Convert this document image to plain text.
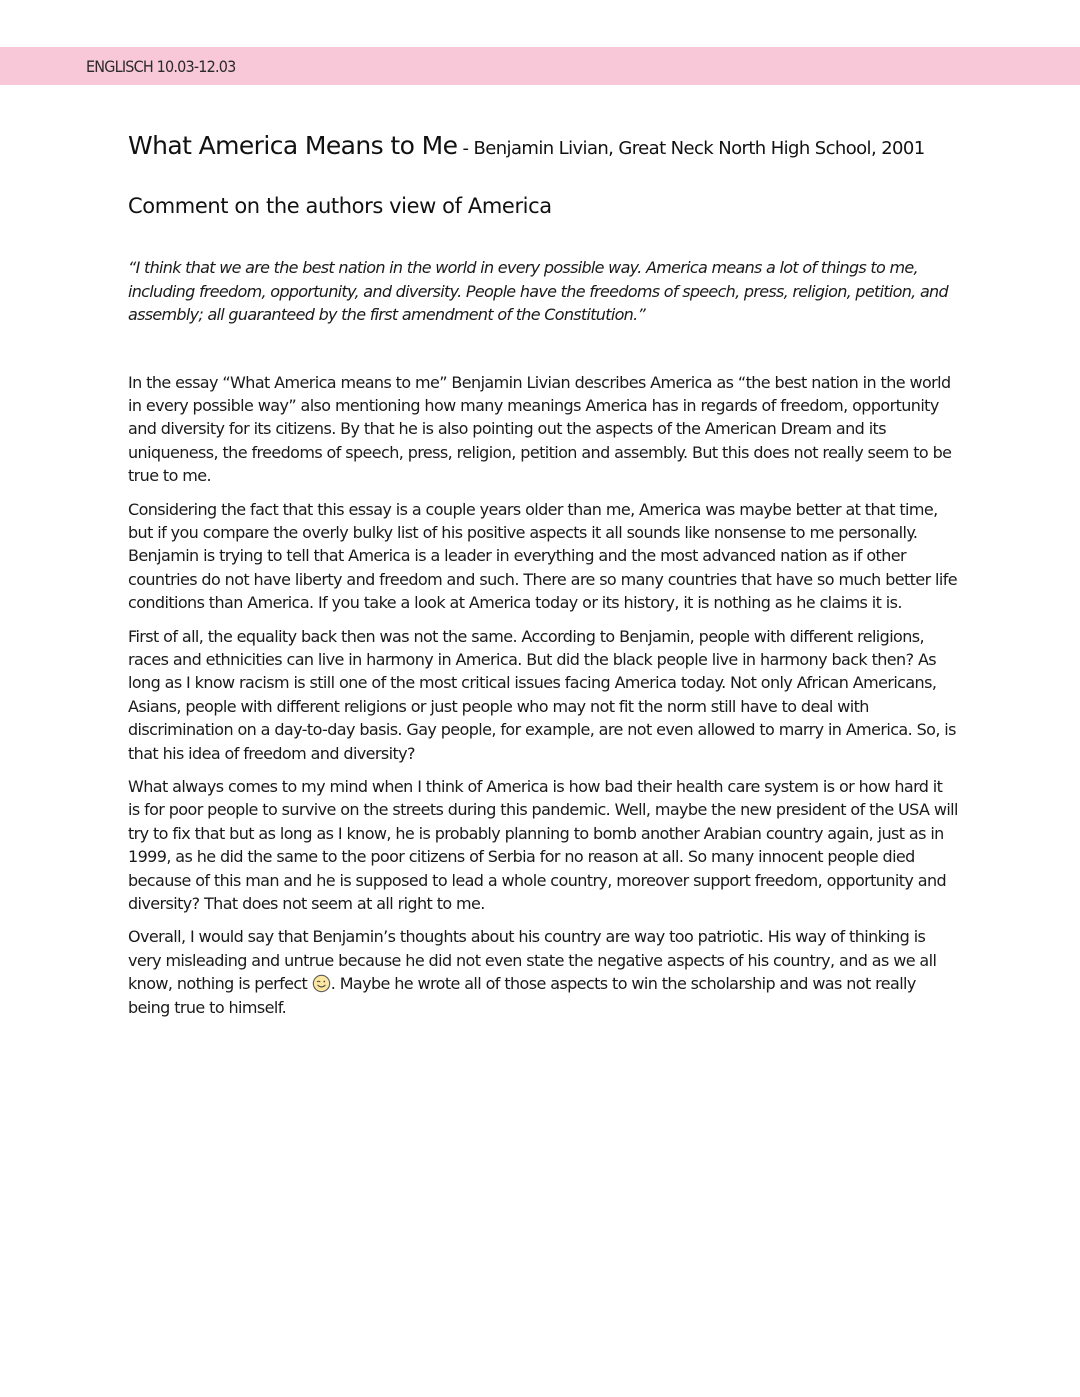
ENGLISCH 10.03-12.03
What America Means to Me - Benjamin Livian, Great Neck North High School, 2001
Comment on the authors view of America
“I think that we are the best nation in the world in every possible way. America means a lot of things to me, including freedom, opportunity, and diversity. People have the freedoms of speech, press, religion, petition, and assembly; all guaranteed by the first amendment of the Constitution.”

In the essay “What America means to me” Benjamin Livian describes America as “the best nation in the world in every possible way” also mentioning how many meanings America has in regards of freedom, opportunity and diversity for its citizens. By that he is also pointing out the aspects of the American Dream and its uniqueness, the freedoms of speech, press, religion, petition and assembly. But this does not really seem to be true to me.

Considering the fact that this essay is a couple years older than me, America was maybe better at that time, but if you compare the overly bulky list of his positive aspects it all sounds like nonsense to me personally. Benjamin is trying to tell that America is a leader in everything and the most advanced nation as if other countries do not have liberty and freedom and such. There are so many countries that have so much better life conditions than America. If you take a look at America today or its history, it is nothing as he claims it is.

First of all, the equality back then was not the same. According to Benjamin, people with different religions, races and ethnicities can live in harmony in America. But did the black people live in harmony back then? As long as I know racism is still one of the most critical issues facing America today. Not only African Americans, Asians, people with different religions or just people who may not fit the norm still have to deal with discrimination on a day-to-day basis. Gay people, for example, are not even allowed to marry in America. So, is that his idea of freedom and diversity?

What always comes to my mind when I think of America is how bad their health care system is or how hard it is for poor people to survive on the streets during this pandemic. Well, maybe the new president of the USA will try to fix that but as long as I know, he is probably planning to bomb another Arabian country again, just as in 1999, as he did the same to the poor citizens of Serbia for no reason at all. So many innocent people died because of this man and he is supposed to lead a whole country, moreover support freedom, opportunity and diversity? That does not seem at all right to me.

Overall, I would say that Benjamin’s thoughts about his country are way too patriotic. His way of thinking is very misleading and untrue because he did not even state the negative aspects of his country, and as we all know, nothing is perfect . Maybe he wrote all of those aspects to win the scholarship and was not really being true to himself.
